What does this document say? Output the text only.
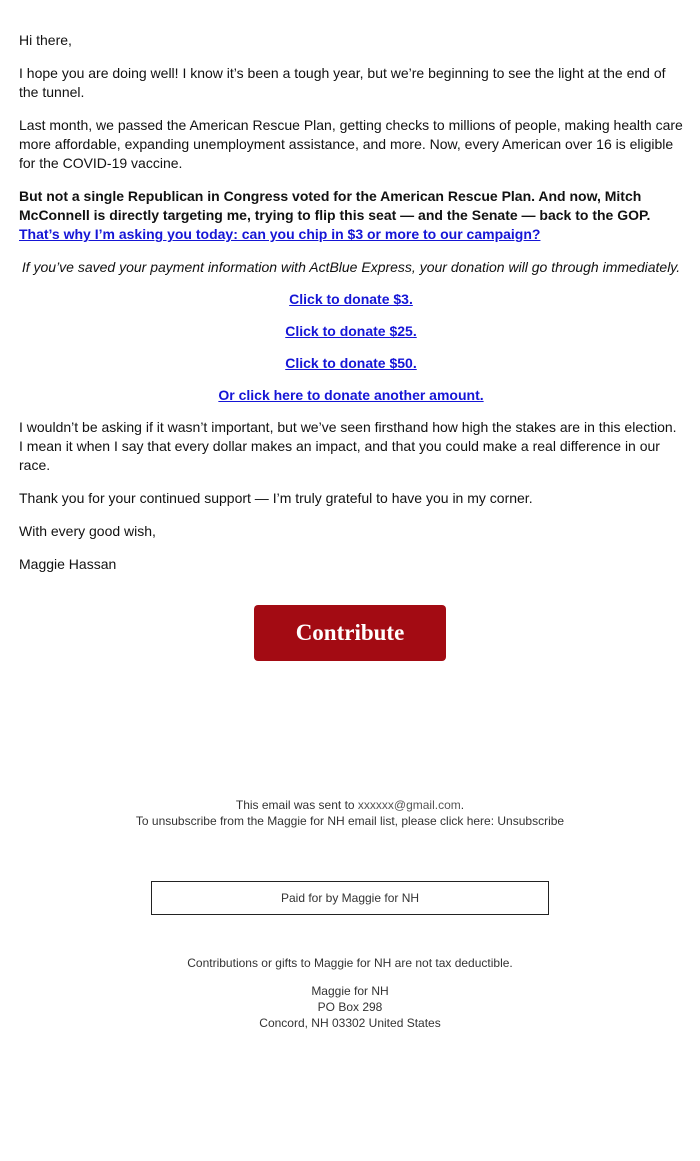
Hi there,

I hope you are doing well! I know it’s been a tough year, but we’re beginning to see the light at the end of the tunnel.

Last month, we passed the American Rescue Plan, getting checks to millions of people, making health care more affordable, expanding unemployment assistance, and more. Now, every American over 16 is eligible for the COVID-19 vaccine.

But not a single Republican in Congress voted for the American Rescue Plan. And now, Mitch McConnell is directly targeting me, trying to flip this seat — and the Senate — back to the GOP.

That’s why I’m asking you today: can you chip in $3 or more to our campaign?

If you’ve saved your payment information with ActBlue Express, your donation will go through immediately.

Click to donate $3.

Click to donate $25.

Click to donate $50.

Or click here to donate another amount.

I wouldn’t be asking if it wasn’t important, but we’ve seen firsthand how high the stakes are in this election. I mean it when I say that every dollar makes an impact, and that you could make a real difference in our race.

Thank you for your continued support — I’m truly grateful to have you in my corner.

With every good wish,

Maggie Hassan

Contribute
This email was sent to xxxxxx@gmail.com.
To unsubscribe from the Maggie for NH email list, please click here: Unsubscribe
Paid for by Maggie for NH
Contributions or gifts to Maggie for NH are not tax deductible.
Maggie for NH
PO Box 298
Concord, NH 03302 United States
